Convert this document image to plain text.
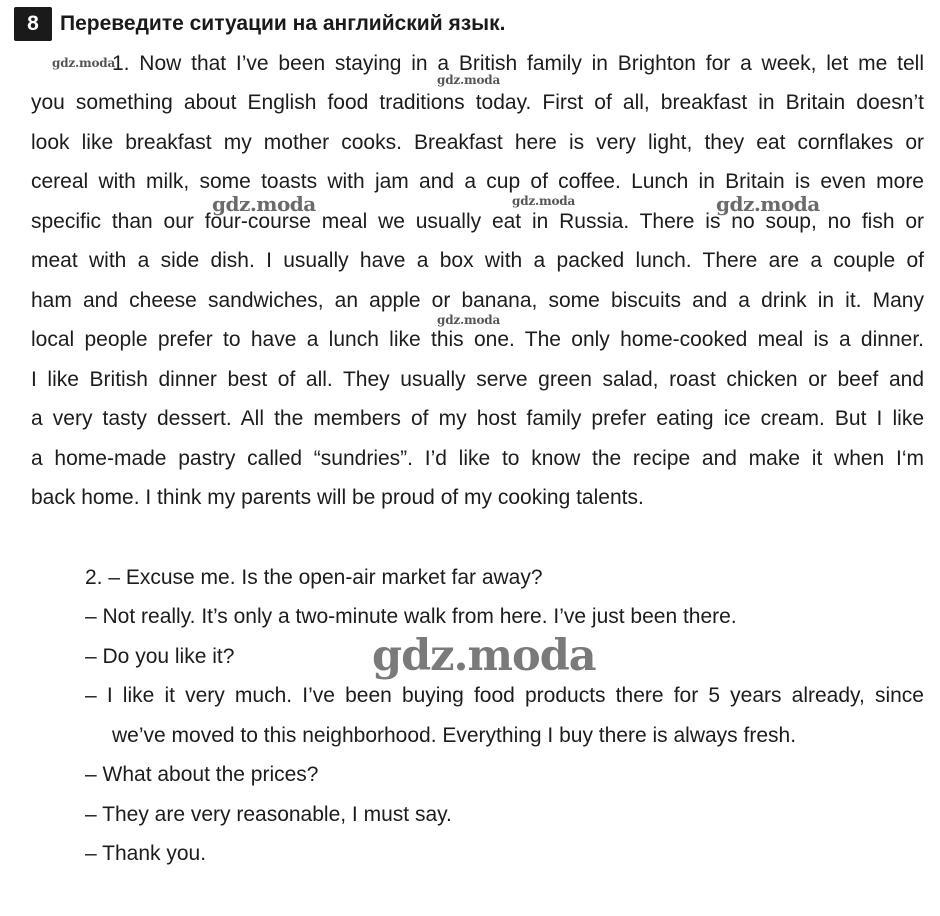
8	Переведите ситуации на английский язык.
1. Now that I’ve been staying in a British family in Brighton for a week, let me tell
you something about English food traditions today. First of all, breakfast in Britain doesn’t
look like breakfast my mother cooks. Breakfast here is very light, they eat cornflakes or
cereal with milk, some toasts with jam and a cup of coffee. Lunch in Britain is even more
specific than our four-course meal we usually eat in Russia. There is no soup, no fish or
meat with a side dish. I usually have a box with a packed lunch. There are a couple of
ham and cheese sandwiches, an apple or banana, some biscuits and a drink in it. Many
local people prefer to have a lunch like this one. The only home-cooked meal is a dinner.
I like British dinner best of all. They usually serve green salad, roast chicken or beef and
a very tasty dessert. All the members of my host family prefer eating ice cream. But I like
a home-made pastry called “sundries”. I’d like to know the recipe and make it when I‘m
back home. I think my parents will be proud of my cooking talents.
2. – Excuse me. Is the open-air market far away?
– Not really. It’s only a two-minute walk from here. I’ve just been there.
– Do you like it?
– I like it very much. I’ve been buying food products there for 5 years already, since
we’ve moved to this neighborhood. Everything I buy there is always fresh.
– What about the prices?
– They are very reasonable, I must say.
– Thank you.
gdz.moda
gdz.moda
gdz.moda	gdz.moda	gdz.moda
gdz.moda
gdz.moda
